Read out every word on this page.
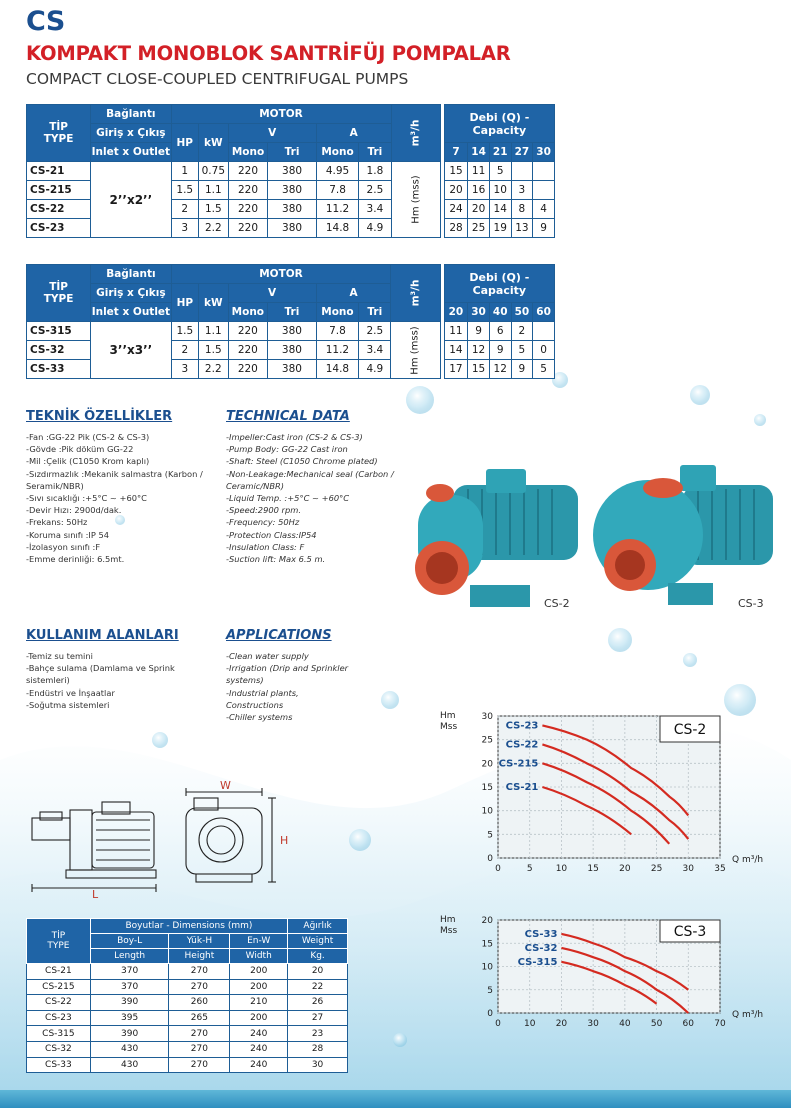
CS
KOMPAKT MONOBLOK SANTRİFÜJ POMPALAR
COMPACT CLOSE-COUPLED CENTRIFUGAL PUMPS
TİP
TYPE	Bağlantı	MOTOR						m³/h		Debi (Q) - Capacity				
	Giriş x Çıkış	HP	kW	V		A								
	Inlet x Outlet			Mono	Tri	Mono	Tri			7	14	21	27	30
CS-21	2’’x2’’	1	0.75	220	380	4.95	1.8	Hm (mss)		15	11	5		
CS-215		1.5	1.1	220	380	7.8	2.5			20	16	10	3	
CS-22		2	1.5	220	380	11.2	3.4			24	20	14	8	4
CS-23		3	2.2	220	380	14.8	4.9			28	25	19	13	9
TİP
TYPE	Bağlantı	MOTOR						m³/h		Debi (Q) - Capacity				
	Giriş x Çıkış	HP	kW	V		A								
	Inlet x Outlet			Mono	Tri	Mono	Tri			20	30	40	50	60
CS-315	3’’x3’’	1.5	1.1	220	380	7.8	2.5	Hm (mss)		11	9	6	2	
CS-32		2	1.5	220	380	11.2	3.4			14	12	9	5	0
CS-33		3	2.2	220	380	14.8	4.9			17	15	12	9	5
TEKNİK ÖZELLİKLER	TECHNICAL DATA
- Fan :GG-22 Pik (CS-2 & CS-3)
- Gövde :Pik döküm GG-22
- Mil :Çelik (C1050 Krom kaplı)
- Sızdırmazlık :Mekanik salmastra (Karbon / Seramik/NBR)
- Sıvı sıcaklığı :+5°C ~ +60°C
- Devir Hızı: 2900d/dak.
- Frekans: 50Hz
- Koruma sınıfı :IP 54
- İzolasyon sınıfı :F
- Emme derinliği: 6.5mt.
- Impeller:Cast iron (CS-2 & CS-3)
- Pump Body: GG-22 Cast iron
- Shaft: Steel (C1050 Chrome plated)
- Non-Leakage:Mechanical seal (Carbon / Ceramic/NBR)
- Liquid Temp. :+5°C ~ +60°C
- Speed:2900 rpm.
- Frequency: 50Hz
- Protection Class:IP54
- Insulation Class: F
- Suction lift: Max 6.5 m.
KULLANIM ALANLARI	APPLICATIONS
- Temiz su temini
- Bahçe sulama (Damlama ve Sprink sistemleri)
- Endüstri ve İnşaatlar
- Soğutma sistemleri
- Clean water supply
- Irrigation (Drip and Sprinkler systems)
- Industrial plants, Constructions
- Chiller systems
CS-2	CS-3
L
W
H
TİP
TYPE	Boyutlar - Dimensions (mm)			Ağırlık
	Boy-L	Yük-H	En-W	Weight
	Length	Height	Width	Kg.
CS-21	370	270	200	20
CS-215	370	270	200	22
CS-22	390	260	210	26
CS-23	395	265	200	27
CS-315	390	270	240	23
CS-32	430	270	240	28
CS-33	430	270	240	30
0	5	10 15 20 25 30 35
0
5
10
15
20
25
30
Hm
Mss
Q m³/h
CS-2
CS-23
CS-22
CS-215
CS-21
0	10 20 30 40 50 60 70
0
5
10
15
20
Hm
Mss
Q m³/h
CS-3
CS-33
CS-32
CS-315
